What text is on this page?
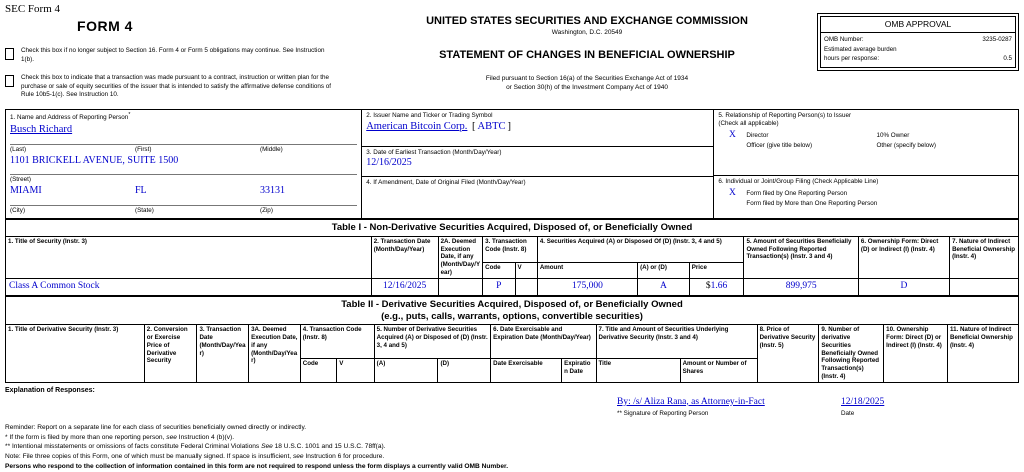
SEC Form 4
FORM 4
Check this box if no longer subject to Section 16. Form 4 or Form 5 obligations may continue. See Instruction 1(b).
Check this box to indicate that a transaction was made pursuant to a contract, instruction or written plan for the purchase or sale of equity securities of the issuer that is intended to satisfy the affirmative defense conditions of Rule 10b5-1(c). See Instruction 10.
UNITED STATES SECURITIES AND EXCHANGE COMMISSION
Washington, D.C. 20549
STATEMENT OF CHANGES IN BENEFICIAL OWNERSHIP
Filed pursuant to Section 16(a) of the Securities Exchange Act of 1934
or Section 30(h) of the Investment Company Act of 1940
OMB APPROVAL
OMB Number:	3235-0287
Estimated average burden
hours per response:	0.5
1. Name and Address of Reporting Person*
Busch Richard
(Last)	(First)	(Middle)
1101 BRICKELL AVENUE, SUITE 1500
(Street)
MIAMI	FL	33131
(City)	(State)	(Zip)
2. Issuer Name and Ticker or Trading Symbol
American Bitcoin Corp. [ ABTC ]
3. Date of Earliest Transaction (Month/Day/Year)
12/16/2025
4. If Amendment, Date of Original Filed (Month/Day/Year)
5. Relationship of Reporting Person(s) to Issuer
(Check all applicable)
X	Director	10% Owner
Officer (give title below)	Other (specify below)
6. Individual or Joint/Group Filing (Check Applicable Line)
X	Form filed by One Reporting Person
Form filed by More than One Reporting Person
Table I - Non-Derivative Securities Acquired, Disposed of, or Beneficially Owned										
1. Title of Security (Instr. 3)	2. Transaction Date (Month/Day/Year)	2A. Deemed Execution Date, if any (Month/Day/Year)	3. Transaction Code (Instr. 8)		4. Securities Acquired (A) or Disposed Of (D) (Instr. 3, 4 and 5)			5. Amount of Securities Beneficially Owned Following Reported Transaction(s) (Instr. 3 and 4)	6. Ownership Form: Direct (D) or Indirect (I) (Instr. 4)	7. Nature of Indirect Beneficial Ownership (Instr. 4)
			Code	V	Amount	(A) or (D)	Price			
Class A Common Stock	12/16/2025		P		175,000	A	$1.66	899,975	D	
Table II - Derivative Securities Acquired, Disposed of, or Beneficially Owned
(e.g., puts, calls, warrants, options, convertible securities)															

1. Title of Derivative Security (Instr. 3)	2. Conversion or Exercise Price of Derivative Security	3. Transaction Date (Month/Day/Year)	3A. Deemed Execution Date, if any (Month/Day/Year)	4. Transaction Code (Instr. 8)		5. Number of Derivative Securities Acquired (A) or Disposed of (D) (Instr. 3, 4 and 5)		6. Date Exercisable and Expiration Date (Month/Day/Year)		7. Title and Amount of Securities Underlying Derivative Security (Instr. 3 and 4)		8. Price of Derivative Security (Instr. 5)	9. Number of derivative Securities Beneficially Owned Following Reported Transaction(s) (Instr. 4)	10. Ownership Form: Direct (D) or Indirect (I) (Instr. 4)	11. Nature of Indirect Beneficial Ownership (Instr. 4)
				Code	V	(A)	(D)	Date Exercisable	Expiration Date	Title	Amount or Number of Shares				
Explanation of Responses:
By: /s/ Aliza Rana, as Attorney-in-Fact
** Signature of Reporting Person
12/18/2025
Date
Reminder: Report on a separate line for each class of securities beneficially owned directly or indirectly.
* If the form is filed by more than one reporting person, see Instruction 4 (b)(v).
** Intentional misstatements or omissions of facts constitute Federal Criminal Violations See 18 U.S.C. 1001 and 15 U.S.C. 78ff(a).
Note: File three copies of this Form, one of which must be manually signed. If space is insufficient, see Instruction 6 for procedure.
Persons who respond to the collection of information contained in this form are not required to respond unless the form displays a currently valid OMB Number.
